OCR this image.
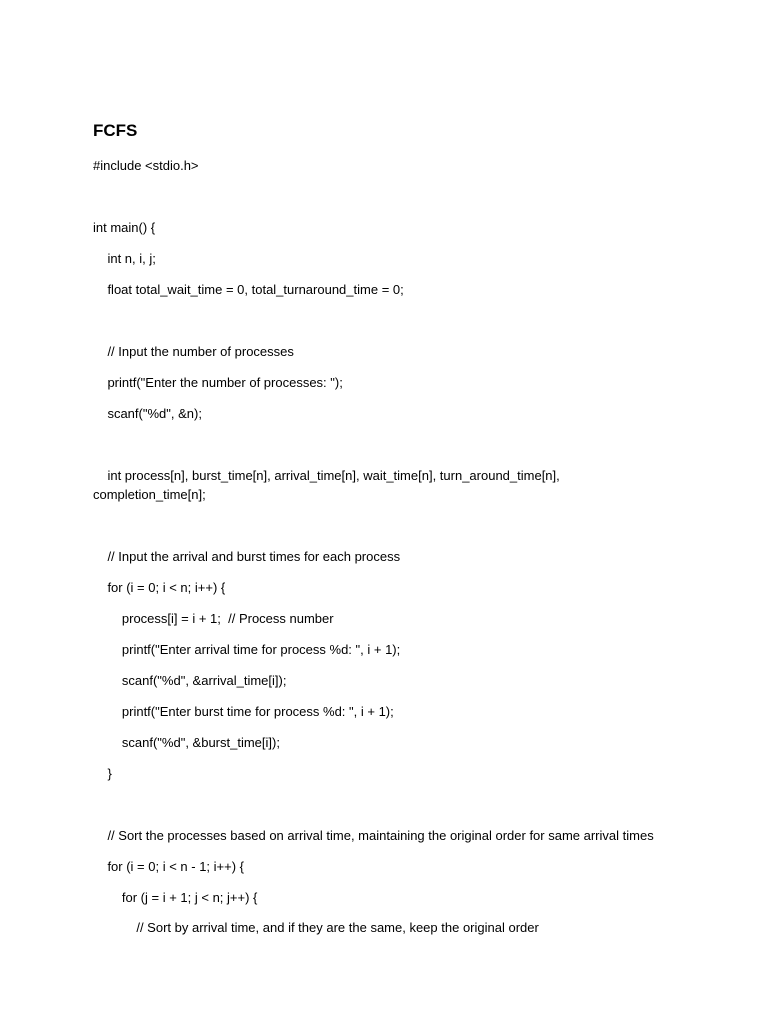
FCFS
#include <stdio.h>
int main() {
int n, i, j;
float total_wait_time = 0, total_turnaround_time = 0;
// Input the number of processes
printf("Enter the number of processes: ");
scanf("%d", &n);
int process[n], burst_time[n], arrival_time[n], wait_time[n], turn_around_time[n],
completion_time[n];
// Input the arrival and burst times for each process
for (i = 0; i < n; i++) {
process[i] = i + 1;  // Process number
printf("Enter arrival time for process %d: ", i + 1);
scanf("%d", &arrival_time[i]);
printf("Enter burst time for process %d: ", i + 1);
scanf("%d", &burst_time[i]);
}
// Sort the processes based on arrival time, maintaining the original order for same arrival times
for (i = 0; i < n - 1; i++) {
for (j = i + 1; j < n; j++) {
// Sort by arrival time, and if they are the same, keep the original order
